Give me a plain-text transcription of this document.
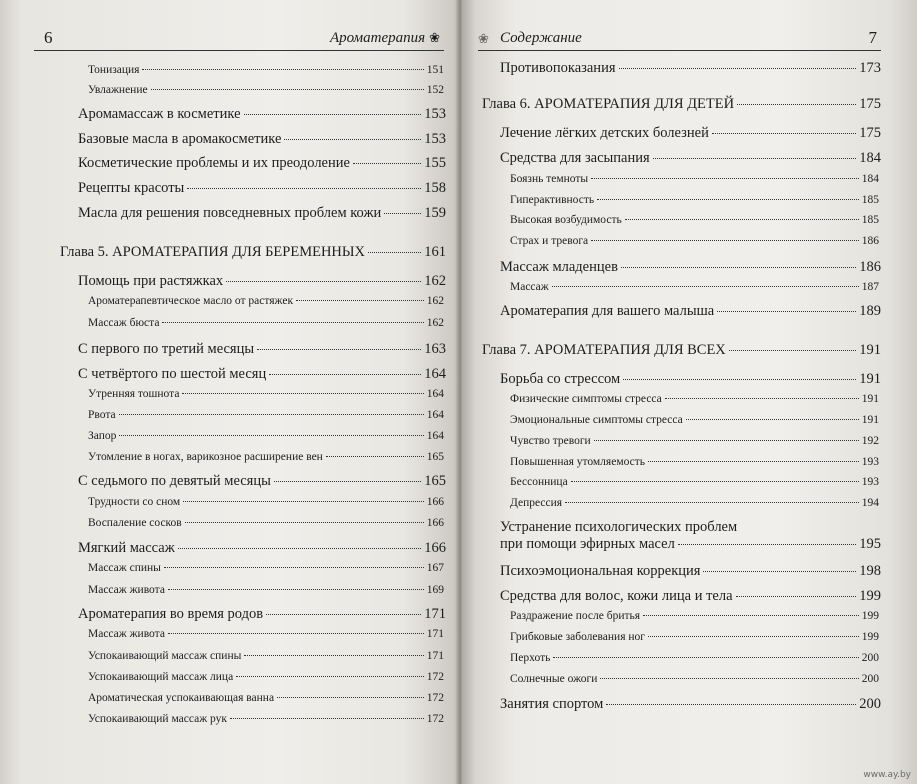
6	Ароматерапия ❀
Тонизация	151
Увлажнение	152
Аромамассаж в косметике	153
Базовые масла в аромакосметике	153
Косметические проблемы и их преодоление	155
Рецепты красоты	158
Масла для решения повседневных проблем кожи	159
Глава 5. АРОМАТЕРАПИЯ ДЛЯ БЕРЕМЕННЫХ	161
Помощь при растяжках	162
Ароматерапевтическое масло от растяжек	162
Массаж бюста	162
С первого по третий месяцы	163
С четвёртого по шестой месяц	164
Утренняя тошнота	164
Рвота	164
Запор	164
Утомление в ногах, варикозное расширение вен	165
С седьмого по девятый месяцы	165
Трудности со сном	166
Воспаление сосков	166
Мягкий массаж	166
Массаж спины	167
Массаж живота	169
Ароматерапия во время родов	171
Массаж живота	171
Успокаивающий массаж спины	171
Успокаивающий массаж лица	172
Ароматическая успокаивающая ванна	172
Успокаивающий массаж рук	172
❀ Содержание	7
Противопоказания	173
Глава 6. АРОМАТЕРАПИЯ ДЛЯ ДЕТЕЙ	175
Лечение лёгких детских болезней	175
Средства для засыпания	184
Боязнь темноты	184
Гиперактивность	185
Высокая возбудимость	185
Страх и тревога	186
Массаж младенцев	186
Массаж	187
Ароматерапия для вашего малыша	189
Глава 7. АРОМАТЕРАПИЯ ДЛЯ ВСЕХ	191
Борьба со стрессом	191
Физические симптомы стресса	191
Эмоциональные симптомы стресса	191
Чувство тревоги	192
Повышенная утомляемость	193
Бессонница	193
Депрессия	194
Устранение психологических проблем
при помощи эфирных масел	195
Психоэмоциональная коррекция	198
Средства для волос, кожи лица и тела	199
Раздражение после бритья	199
Грибковые заболевания ног	199
Перхоть	200
Солнечные ожоги	200
Занятия спортом	200
www.ay.by
